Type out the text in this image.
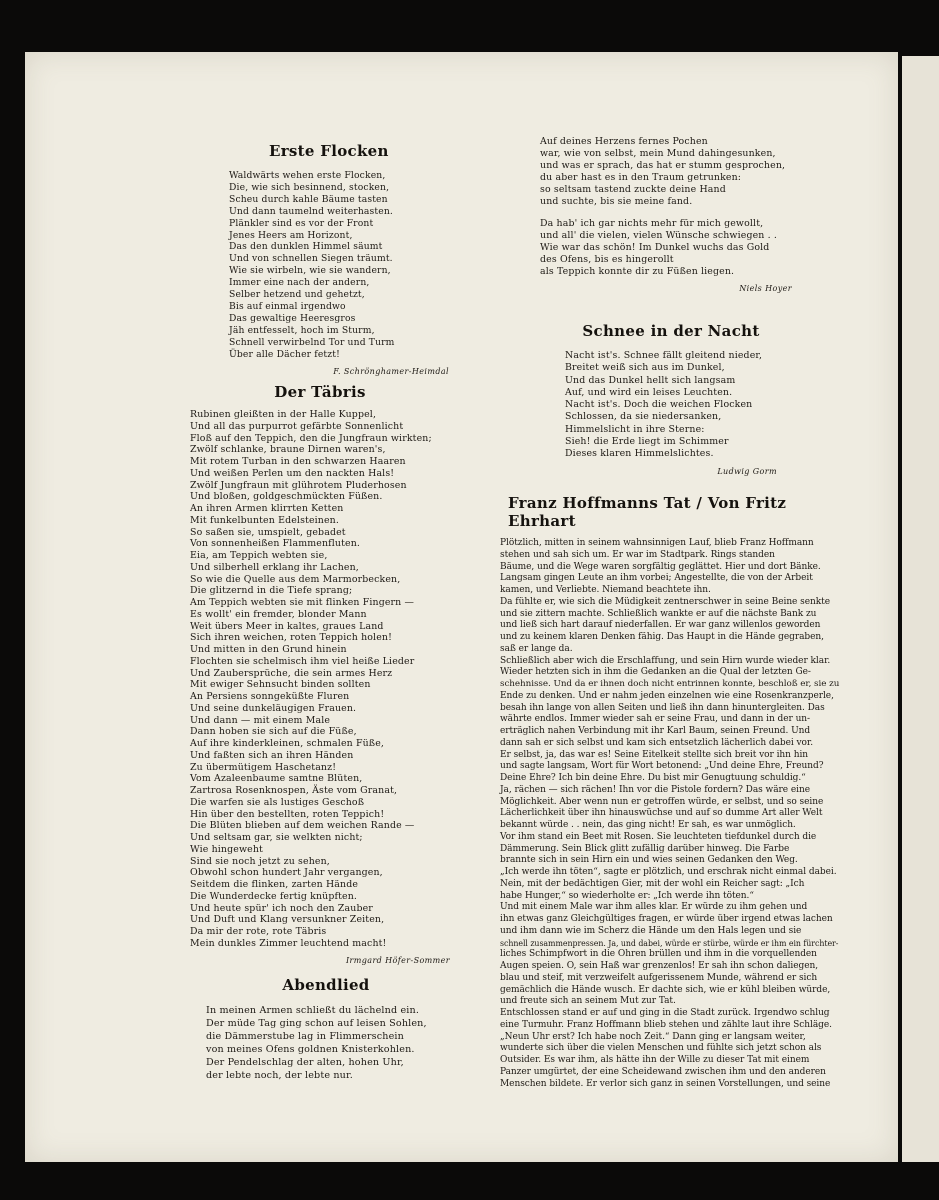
Erste Flocken
Waldwärts wehen erste Flocken,
Die, wie sich besinnend, stocken,
Scheu durch kahle Bäume tasten
Und dann taumelnd weiterhasten.
Plänkler sind es vor der Front
Jenes Heers am Horizont,
Das den dunklen Himmel säumt
Und von schnellen Siegen träumt.
Wie sie wirbeln, wie sie wandern,
Immer eine nach der andern,
Selber hetzend und gehetzt,
Bis auf einmal irgendwo
Das gewaltige Heeresgros
Jäh entfesselt, hoch im Sturm,
Schnell verwirbelnd Tor und Turm
Über alle Dächer fetzt!
F. Schrönghamer-Heimdal
Der Täbris
Rubinen gleißten in der Halle Kuppel,
Und all das purpurrot gefärbte Sonnenlicht
Floß auf den Teppich, den die Jungfraun wirkten;
Zwölf schlanke, braune Dirnen waren's,
Mit rotem Turban in den schwarzen Haaren
Und weißen Perlen um den nackten Hals!
Zwölf Jungfraun mit glührotem Pluderhosen
Und bloßen, goldgeschmückten Füßen.
An ihren Armen klirrten Ketten
Mit funkelbunten Edelsteinen.
So saßen sie, umspielt, gebadet
Von sonnenheißen Flammenfluten.
Eia, am Teppich webten sie,
Und silberhell erklang ihr Lachen,
So wie die Quelle aus dem Marmorbecken,
Die glitzernd in die Tiefe sprang;
Am Teppich webten sie mit flinken Fingern —
Es wollt' ein fremder, blonder Mann
Weit übers Meer in kaltes, graues Land
Sich ihren weichen, roten Teppich holen!
Und mitten in den Grund hinein
Flochten sie schelmisch ihm viel heiße Lieder
Und Zaubersprüche, die sein armes Herz
Mit ewiger Sehnsucht binden sollten
An Persiens sonngeküßte Fluren
Und seine dunkeläugigen Frauen.
Und dann — mit einem Male
Dann hoben sie sich auf die Füße,
Auf ihre kinderkleinen, schmalen Füße,
Und faßten sich an ihren Händen
Zu übermütigem Haschetanz!
Vom Azaleenbaume samtne Blüten,
Zartrosa Rosenknospen, Äste vom Granat,
Die warfen sie als lustiges Geschoß
Hin über den bestellten, roten Teppich!
Die Blüten blieben auf dem weichen Rande —
Und seltsam gar, sie welkten nicht;
Wie hingeweht
Sind sie noch jetzt zu sehen,
Obwohl schon hundert Jahr vergangen,
Seitdem die flinken, zarten Hände
Die Wunderdecke fertig knüpften.
Und heute spür' ich noch den Zauber
Und Duft und Klang versunkner Zeiten,
Da mir der rote, rote Täbris
Mein dunkles Zimmer leuchtend macht!
Irmgard Höfer-Sommer
Abendlied
In meinen Armen schließt du lächelnd ein.
Der müde Tag ging schon auf leisen Sohlen,
die Dämmerstube lag in Flimmerschein
von meines Ofens goldnen Knisterkohlen.
Der Pendelschlag der alten, hohen Uhr,
der lebte noch, der lebte nur.
Auf deines Herzens fernes Pochen
war, wie von selbst, mein Mund dahingesunken,
und was er sprach, das hat er stumm gesprochen,
du aber hast es in den Traum getrunken:
so seltsam tastend zuckte deine Hand
und suchte, bis sie meine fand.
Da hab' ich gar nichts mehr für mich gewollt,
und all' die vielen, vielen Wünsche schwiegen . .
Wie war das schön! Im Dunkel wuchs das Gold
des Ofens, bis es hingerollt
als Teppich konnte dir zu Füßen liegen.
Niels Hoyer
Schnee in der Nacht
Nacht ist's. Schnee fällt gleitend nieder,
Breitet weiß sich aus im Dunkel,
Und das Dunkel hellt sich langsam
Auf, und wird ein leises Leuchten.
Nacht ist's. Doch die weichen Flocken
Schlossen, da sie niedersanken,
Himmelslicht in ihre Sterne:
Sieh! die Erde liegt im Schimmer
Dieses klaren Himmelslichtes.
Ludwig Gorm
Franz Hoffmanns Tat / Von Fritz Ehrhart
Plötzlich, mitten in seinem wahnsinnigen Lauf, blieb Franz Hoffmann
stehen und sah sich um. Er war im Stadtpark. Rings standen
Bäume, und die Wege waren sorgfältig geglättet. Hier und dort Bänke.
Langsam gingen Leute an ihm vorbei; Angestellte, die von der Arbeit
kamen, und Verliebte. Niemand beachtete ihn.
Da fühlte er, wie sich die Müdigkeit zentnerschwer in seine Beine senkte
und sie zittern machte. Schließlich wankte er auf die nächste Bank zu
und ließ sich hart darauf niederfallen. Er war ganz willenlos geworden
und zu keinem klaren Denken fähig. Das Haupt in die Hände gegraben,
saß er lange da.
Schließlich aber wich die Erschlaffung, und sein Hirn wurde wieder klar.
Wieder hetzten sich in ihm die Gedanken an die Qual der letzten Ge-
schehnisse. Und da er ihnen doch nicht entrinnen konnte, beschloß er, sie zu
Ende zu denken. Und er nahm jeden einzelnen wie eine Rosenkranzperle,
besah ihn lange von allen Seiten und ließ ihn dann hinuntergleiten. Das
währte endlos. Immer wieder sah er seine Frau, und dann in der un-
erträglich nahen Verbindung mit ihr Karl Baum, seinen Freund. Und
dann sah er sich selbst und kam sich entsetzlich lächerlich dabei vor.
Er selbst, ja, das war es! Seine Eitelkeit stellte sich breit vor ihn hin
und sagte langsam, Wort für Wort betonend: „Und deine Ehre, Freund?
Deine Ehre? Ich bin deine Ehre. Du bist mir Genugtuung schuldig.“
Ja, rächen — sich rächen! Ihn vor die Pistole fordern? Das wäre eine
Möglichkeit. Aber wenn nun er getroffen würde, er selbst, und so seine
Lächerlichkeit über ihn hinauswüchse und auf so dumme Art aller Welt
bekannt würde . . nein, das ging nicht! Er sah, es war unmöglich.
Vor ihm stand ein Beet mit Rosen. Sie leuchteten tiefdunkel durch die
Dämmerung. Sein Blick glitt zufällig darüber hinweg. Die Farbe
brannte sich in sein Hirn ein und wies seinen Gedanken den Weg.
„Ich werde ihn töten“, sagte er plötzlich, und erschrak nicht einmal dabei.
Nein, mit der bedächtigen Gier, mit der wohl ein Reicher sagt: „Ich
habe Hunger,“ so wiederholte er: „Ich werde ihn töten.“
Und mit einem Male war ihm alles klar. Er würde zu ihm gehen und
ihn etwas ganz Gleichgültiges fragen, er würde über irgend etwas lachen
und ihm dann wie im Scherz die Hände um den Hals legen und sie
schnell zusammenpressen. Ja, und dabei, würde er stürbe, würde er ihm ein fürchter-
liches Schimpfwort in die Ohren brüllen und ihm in die vorquellenden
Augen speien. O, sein Haß war grenzenlos! Er sah ihn schon daliegen,
blau und steif, mit verzweifelt aufgerissenem Munde, während er sich
gemächlich die Hände wusch. Er dachte sich, wie er kühl bleiben würde,
und freute sich an seinem Mut zur Tat.
Entschlossen stand er auf und ging in die Stadt zurück. Irgendwo schlug
eine Turmuhr. Franz Hoffmann blieb stehen und zählte laut ihre Schläge.
„Neun Uhr erst? Ich habe noch Zeit.“ Dann ging er langsam weiter,
wunderte sich über die vielen Menschen und fühlte sich jetzt schon als
Outsider. Es war ihm, als hätte ihn der Wille zu dieser Tat mit einem
Panzer umgürtet, der eine Scheidewand zwischen ihm und den anderen
Menschen bildete. Er verlor sich ganz in seinen Vorstellungen, und seine
